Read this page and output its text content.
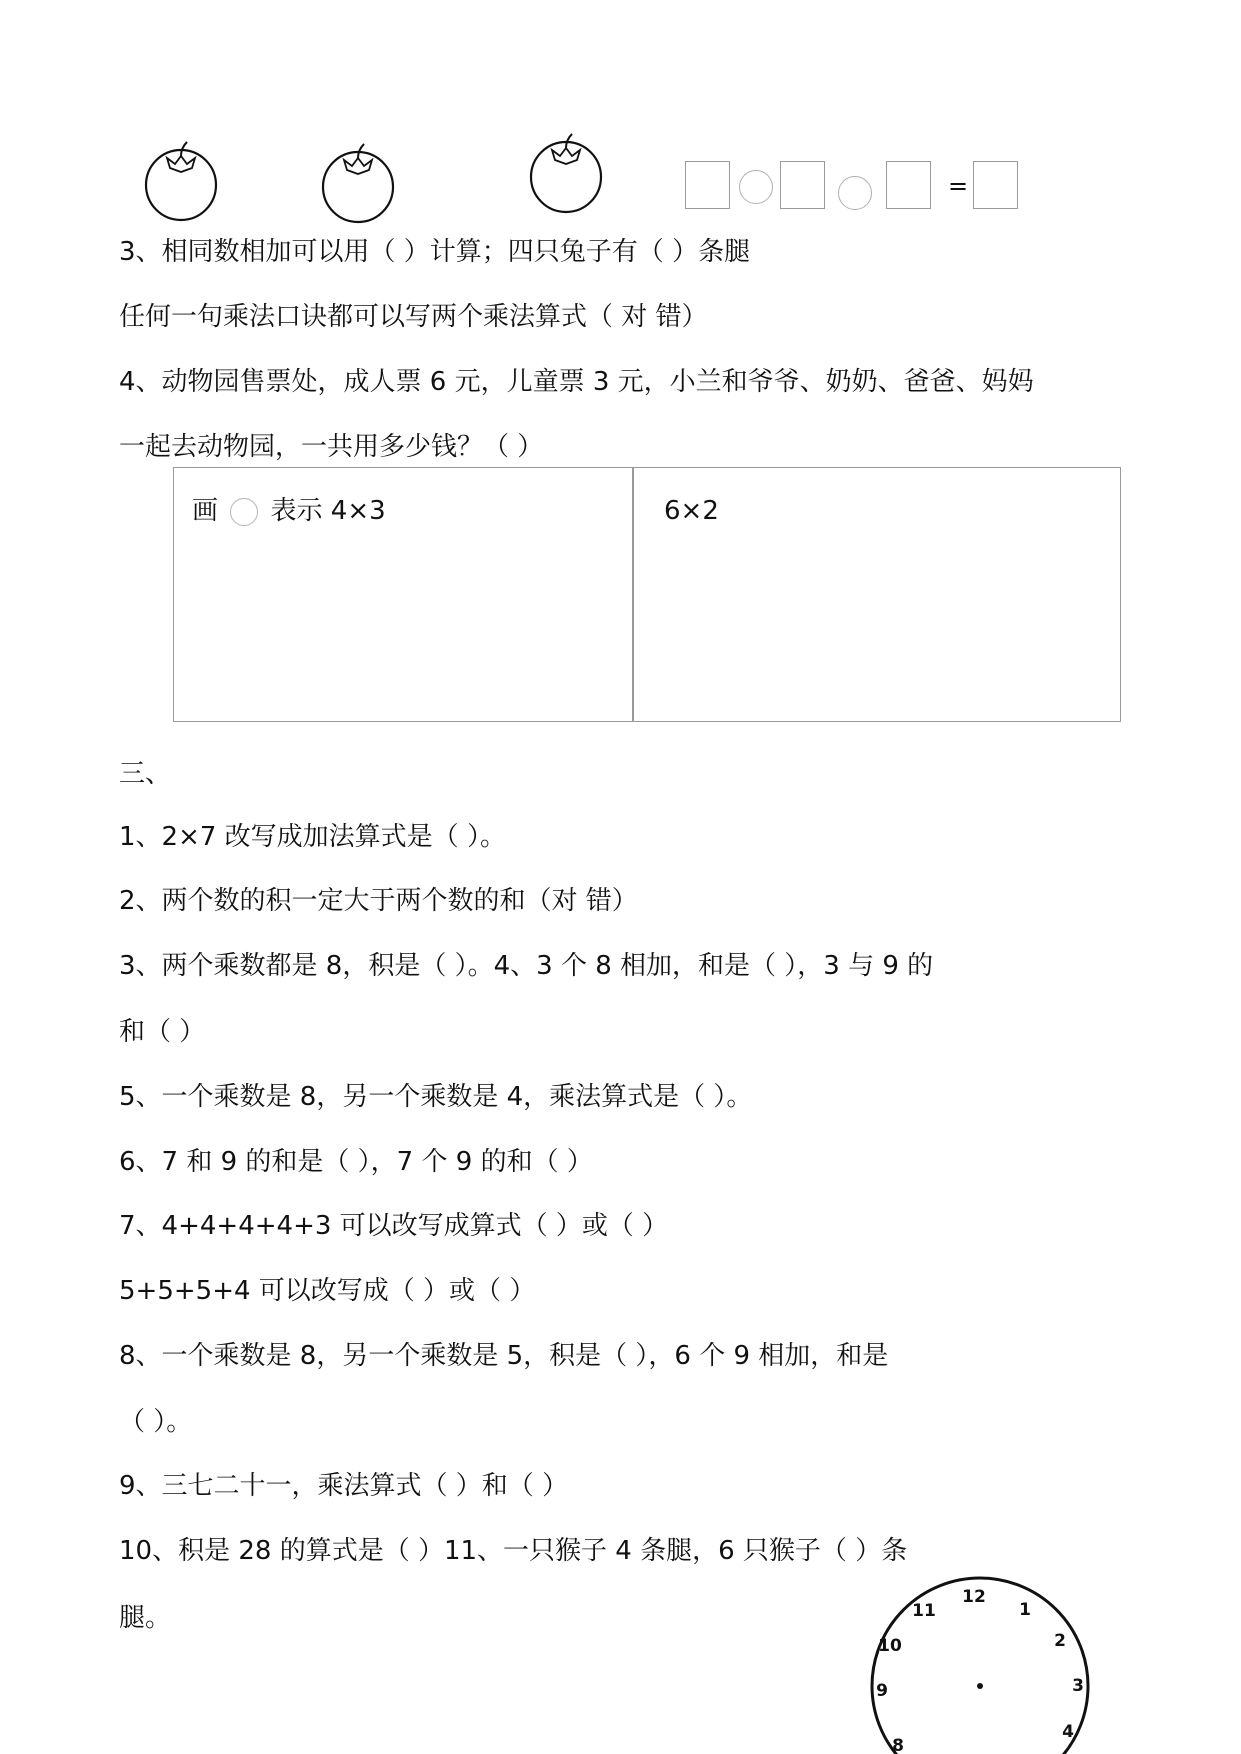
=

3、相同数相加可以用（ ）计算；四只兔子有（ ）条腿

任何一句乘法口诀都可以写两个乘法算式（ 对 错）

4、动物园售票处，成人票 6 元，儿童票 3 元，小兰和爷爷、奶奶、爸爸、妈妈

一起去动物园，一共用多少钱？（ ）

画 表示 4×3	6×2

三、

1、2×7 改写成加法算式是（ ）。

2、两个数的积一定大于两个数的和（对 错）

3、两个乘数都是 8，积是（ ）。4、3 个 8 相加，和是（ ），3 与 9 的

和（ ）

5、一个乘数是 8，另一个乘数是 4，乘法算式是（ ）。

6、7 和 9 的和是（ ），7 个 9 的和（ ）

7、4+4+4+4+3 可以改写成算式（ ）或（ ）

5+5+5+4 可以改写成（ ）或（ ）

8、一个乘数是 8，另一个乘数是 5，积是（ ），6 个 9 相加，和是

（ ）。

9、三七二十一，乘法算式（ ）和（ ）

10、积是 28 的算式是（ ）11、一只猴子 4 条腿，6 只猴子（ ）条

腿。

12
1
2
3
4
8
9
10
11
